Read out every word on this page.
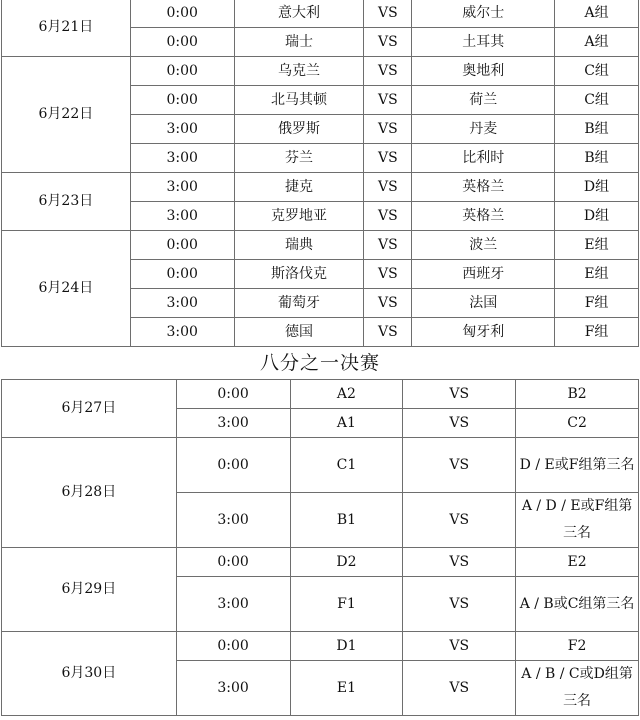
6月21日	0:00	意大利	VS	威尔士	A组
	0:00	瑞士	VS	土耳其	A组
6月22日	0:00	乌克兰	VS	奥地利	C组
	0:00	北马其顿	VS	荷兰	C组
	3:00	俄罗斯	VS	丹麦	B组
	3:00	芬兰	VS	比利时	B组
6月23日	3:00	捷克	VS	英格兰	D组
	3:00	克罗地亚	VS	英格兰	D组
6月24日	0:00	瑞典	VS	波兰	E组
	0:00	斯洛伐克	VS	西班牙	E组
	3:00	葡萄牙	VS	法国	F组
	3:00	德国	VS	匈牙利	F组
八分之一决赛
6月27日	0:00	A2	VS	B2
	3:00	A1	VS	C2
6月28日	0:00	C1	VS	D / E或F组第三名
	3:00	B1	VS	A / D / E或F组第三名
6月29日	0:00	D2	VS	E2
	3:00	F1	VS	A / B或C组第三名
6月30日	0:00	D1	VS	F2
	3:00	E1	VS	A / B / C或D组第三名
